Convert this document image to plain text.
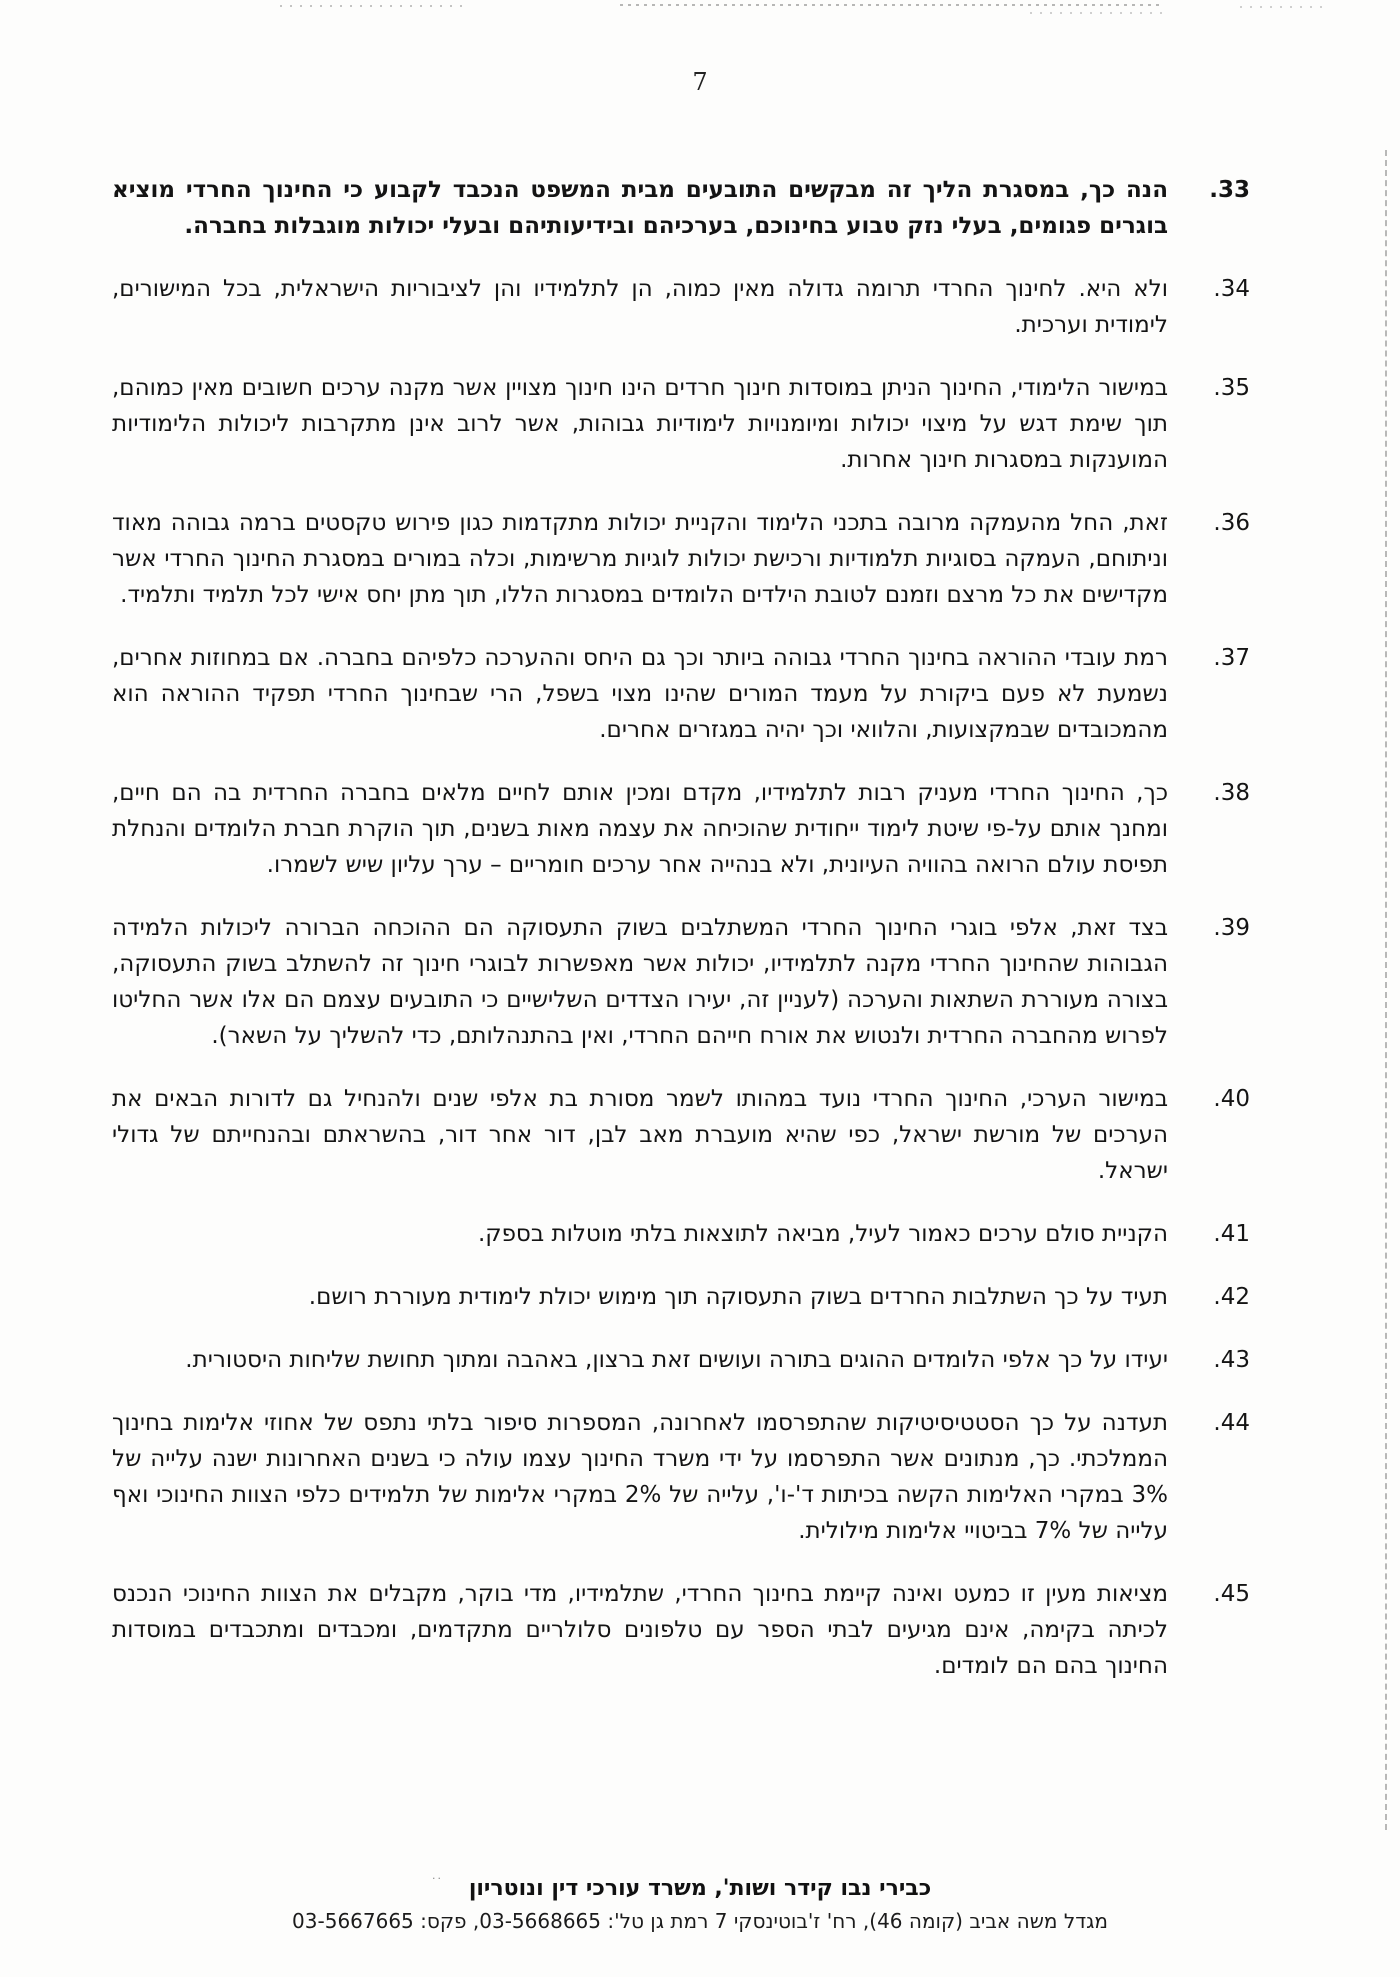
··
7
33.
הנה כך, במסגרת הליך זה מבקשים התובעים מבית המשפט הנכבד לקבוע כי החינוך החרדי מוציא בוגרים פגומים, בעלי נזק טבוע בחינוכם, בערכיהם ובידיעותיהם ובעלי יכולות מוגבלות בחברה.
34.
ולא היא. לחינוך החרדי תרומה גדולה מאין כמוה, הן לתלמידיו והן לציבוריות הישראלית, בכל המישורים, לימודית וערכית.
35.
במישור הלימודי, החינוך הניתן במוסדות חינוך חרדים הינו חינוך מצויין אשר מקנה ערכים חשובים מאין כמוהם, תוך שימת דגש על מיצוי יכולות ומיומנויות לימודיות גבוהות, אשר לרוב אינן מתקרבות ליכולות הלימודיות המוענקות במסגרות חינוך אחרות.
36.
זאת, החל מהעמקה מרובה בתכני הלימוד והקניית יכולות מתקדמות כגון פירוש טקסטים ברמה גבוהה מאוד וניתוחם, העמקה בסוגיות תלמודיות ורכישת יכולות לוגיות מרשימות, וכלה במורים במסגרת החינוך החרדי אשר מקדישים את כל מרצם וזמנם לטובת הילדים הלומדים במסגרות הללו, תוך מתן יחס אישי לכל תלמיד ותלמיד.
37.
רמת עובדי ההוראה בחינוך החרדי גבוהה ביותר וכך גם היחס וההערכה כלפיהם בחברה. אם במחוזות אחרים, נשמעת לא פעם ביקורת על מעמד המורים שהינו מצוי בשפל, הרי שבחינוך החרדי תפקיד ההוראה הוא מהמכובדים שבמקצועות, והלוואי וכך יהיה במגזרים אחרים.
38.
כך, החינוך החרדי מעניק רבות לתלמידיו, מקדם ומכין אותם לחיים מלאים בחברה החרדית בה הם חיים, ומחנך אותם על-פי שיטת לימוד ייחודית שהוכיחה את עצמה מאות בשנים, תוך הוקרת חברת הלומדים והנחלת תפיסת עולם הרואה בהוויה העיונית, ולא בנהייה אחר ערכים חומריים – ערך עליון שיש לשמרו.
39.
בצד זאת, אלפי בוגרי החינוך החרדי המשתלבים בשוק התעסוקה הם ההוכחה הברורה ליכולות הלמידה הגבוהות שהחינוך החרדי מקנה לתלמידיו, יכולות אשר מאפשרות לבוגרי חינוך זה להשתלב בשוק התעסוקה, בצורה מעוררת השתאות והערכה (לעניין זה, יעירו הצדדים השלישיים כי התובעים עצמם הם אלו אשר החליטו לפרוש מהחברה החרדית ולנטוש את אורח חייהם החרדי, ואין בהתנהלותם, כדי להשליך על השאר).
40.
במישור הערכי, החינוך החרדי נועד במהותו לשמר מסורת בת אלפי שנים ולהנחיל גם לדורות הבאים את הערכים של מורשת ישראל, כפי שהיא מועברת מאב לבן, דור אחר דור, בהשראתם ובהנחייתם של גדולי ישראל.
41.
הקניית סולם ערכים כאמור לעיל, מביאה לתוצאות בלתי מוטלות בספק.
42.
תעיד על כך השתלבות החרדים בשוק התעסוקה תוך מימוש יכולת לימודית מעוררת רושם.
43.
יעידו על כך אלפי הלומדים ההוגים בתורה ועושים זאת ברצון, באהבה ומתוך תחושת שליחות היסטורית.
44.
תעדנה על כך הסטטיסיטיקות שהתפרסמו לאחרונה, המספרות סיפור בלתי נתפס של אחוזי אלימות בחינוך הממלכתי. כך, מנתונים אשר התפרסמו על ידי משרד החינוך עצמו עולה כי בשנים האחרונות ישנה עלייה של 3% במקרי האלימות הקשה בכיתות ד'-ו', עלייה של 2% במקרי אלימות של תלמידים כלפי הצוות החינוכי ואף עלייה של 7% בביטויי אלימות מילולית.
45.
מציאות מעין זו כמעט ואינה קיימת בחינוך החרדי, שתלמידיו, מדי בוקר, מקבלים את הצוות החינוכי הנכנס לכיתה בקימה, אינם מגיעים לבתי הספר עם טלפונים סלולריים מתקדמים, ומכבדים ומתכבדים במוסדות החינוך בהם הם לומדים.
כבירי נבו קידר ושות', משרד עורכי דין ונוטריון
מגדל משה אביב (קומה 46), רח' ז'בוטינסקי 7 רמת גן טל': 03-5668665, פקס: 03-5667665
